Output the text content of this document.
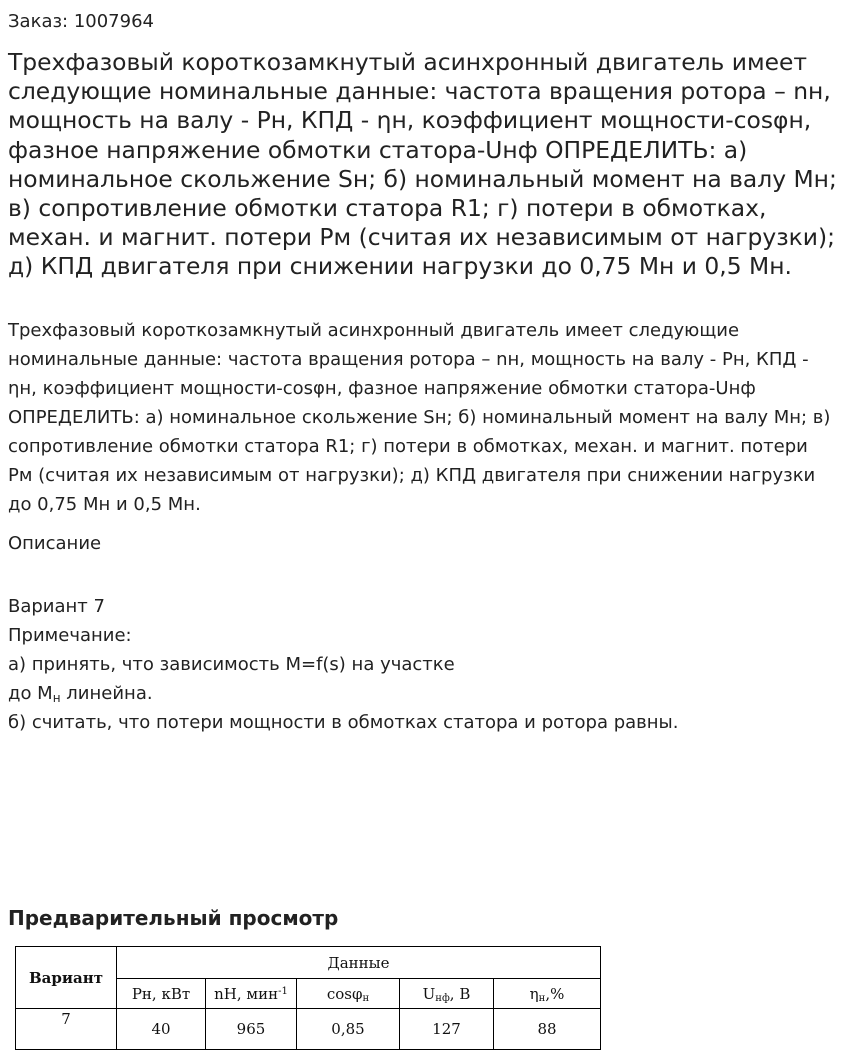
Заказ: 1007964

Трехфазовый короткозамкнутый асинхронный двигатель имеет следующие номинальные данные: частота вращения ротора – nн, мощность на валу - Pн, КПД - ηн, коэффициент мощности-cosφн, фазное напряжение обмотки статора-Uнф ОПРЕДЕЛИТЬ: а) номинальное скольжение Sн; б) номинальный момент на валу Мн; в) сопротивление обмотки статора R1; г) потери в обмотках, механ. и магнит. потери Рм (считая их независимым от нагрузки); д) КПД двигателя при снижении нагрузки до 0,75 Мн и 0,5 Мн.

Трехфазовый короткозамкнутый асинхронный двигатель имеет следующие номинальные данные: частота вращения ротора – nн, мощность на валу - Pн, КПД - ηн, коэффициент мощности-cosφн, фазное напряжение обмотки статора-Uнф ОПРЕДЕЛИТЬ: а) номинальное скольжение Sн; б) номинальный момент на валу Мн; в) сопротивление обмотки статора R1; г) потери в обмотках, механ. и магнит. потери Рм (считая их независимым от нагрузки); д) КПД двигателя при снижении нагрузки до 0,75 Мн и 0,5 Мн.

Описание

Вариант 7
Примечание:
а) принять, что зависимость M=f(s) на участке
до $M_н$ линейна.
б) считать, что потери мощности в обмотках статора и ротора равны.
Предварительный просмотр
Вариант	Данные				
	Pн, кВт	nН, мин$^{-1}$	cosφ$_н$	$U_{нф}$, В	$\eta_н,\%$
7	40	965	0,85	127	88
